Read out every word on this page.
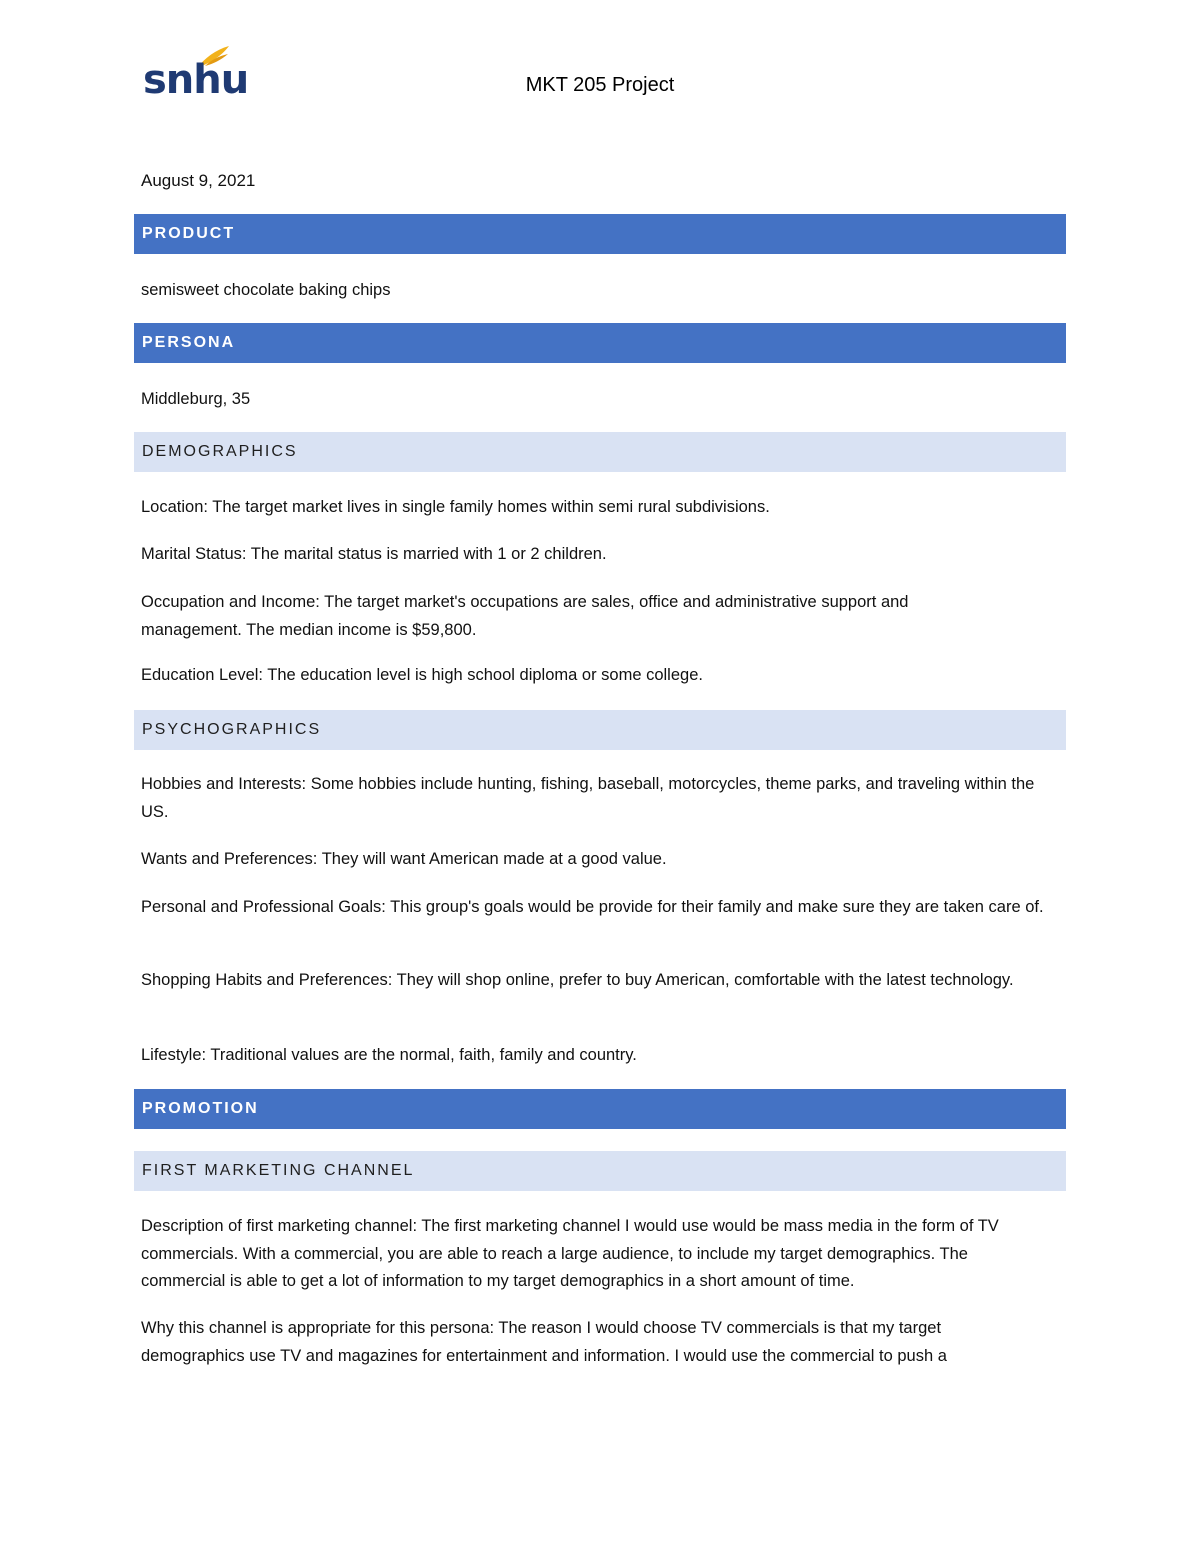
snhu	MKT 205 Project
August 9, 2021
PRODUCT
semisweet chocolate baking chips
PERSONA
Middleburg, 35
DEMOGRAPHICS
Location: The target market lives in single family homes within semi rural subdivisions.
Marital Status: The marital status is married with 1 or 2 children.
Occupation and Income: The target market's occupations are sales, office and administrative support and management. The median income is $59,800.
Education Level: The education level is high school diploma or some college.
PSYCHOGRAPHICS
Hobbies and Interests: Some hobbies include hunting, fishing, baseball, motorcycles, theme parks, and traveling within the US.
Wants and Preferences: They will want American made at a good value.
Personal and Professional Goals: This group's goals would be provide for their family and make sure they are taken care of.
Shopping Habits and Preferences: They will shop online, prefer to buy American, comfortable with the latest technology.
Lifestyle: Traditional values are the normal, faith, family and country.
PROMOTION
FIRST MARKETING CHANNEL
Description of first marketing channel: The first marketing channel I would use would be mass media in the form of TV commercials. With a commercial, you are able to reach a large audience, to include my target demographics. The commercial is able to get a lot of information to my target demographics in a short amount of time.
Why this channel is appropriate for this persona: The reason I would choose TV commercials is that my target demographics use TV and magazines for entertainment and information. I would use the commercial to push a
